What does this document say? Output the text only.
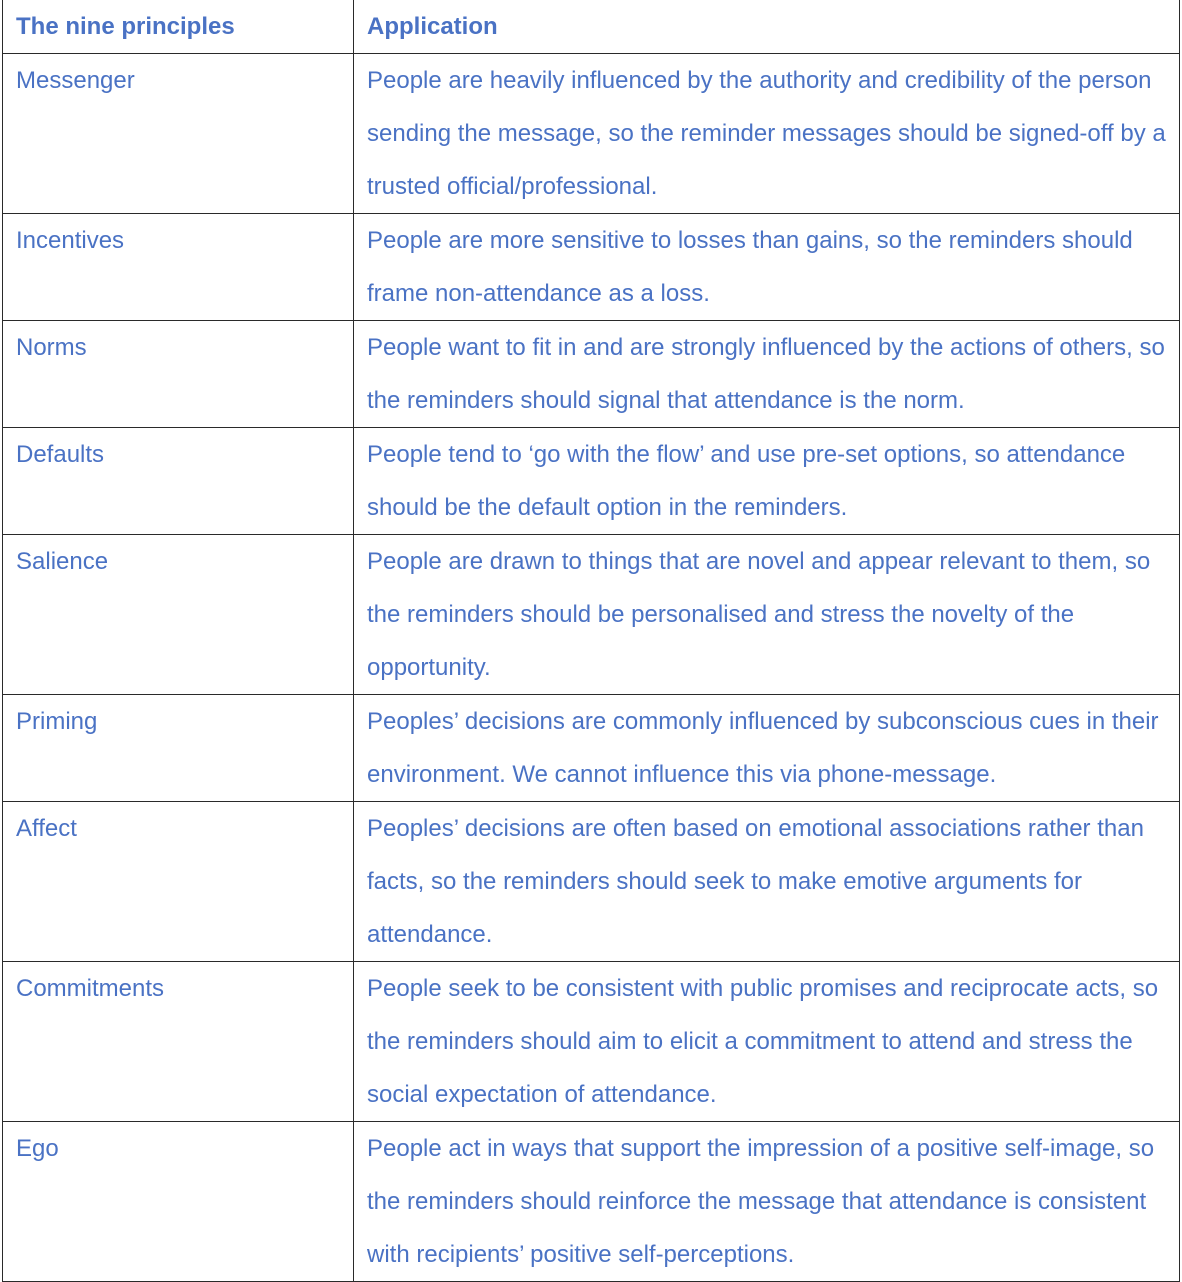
The nine principles	Application
Messenger	People are heavily influenced by the authority and credibility of the person sending the message, so the reminder messages should be signed-off by a trusted official/professional.
Incentives	People are more sensitive to losses than gains, so the reminders should frame non-attendance as a loss.
Norms	People want to fit in and are strongly influenced by the actions of others, so the reminders should signal that attendance is the norm.
Defaults	People tend to ‘go with the flow’ and use pre-set options, so attendance should be the default option in the reminders.
Salience	People are drawn to things that are novel and appear relevant to them, so the reminders should be personalised and stress the novelty of the opportunity.
Priming	Peoples’ decisions are commonly influenced by subconscious cues in their environment. We cannot influence this via phone-message.
Affect	Peoples’ decisions are often based on emotional associations rather than facts, so the reminders should seek to make emotive arguments for attendance.
Commitments	People seek to be consistent with public promises and reciprocate acts, so the reminders should aim to elicit a commitment to attend and stress the social expectation of attendance.
Ego	People act in ways that support the impression of a positive self-image, so the reminders should reinforce the message that attendance is consistent with recipients’ positive self-perceptions.
